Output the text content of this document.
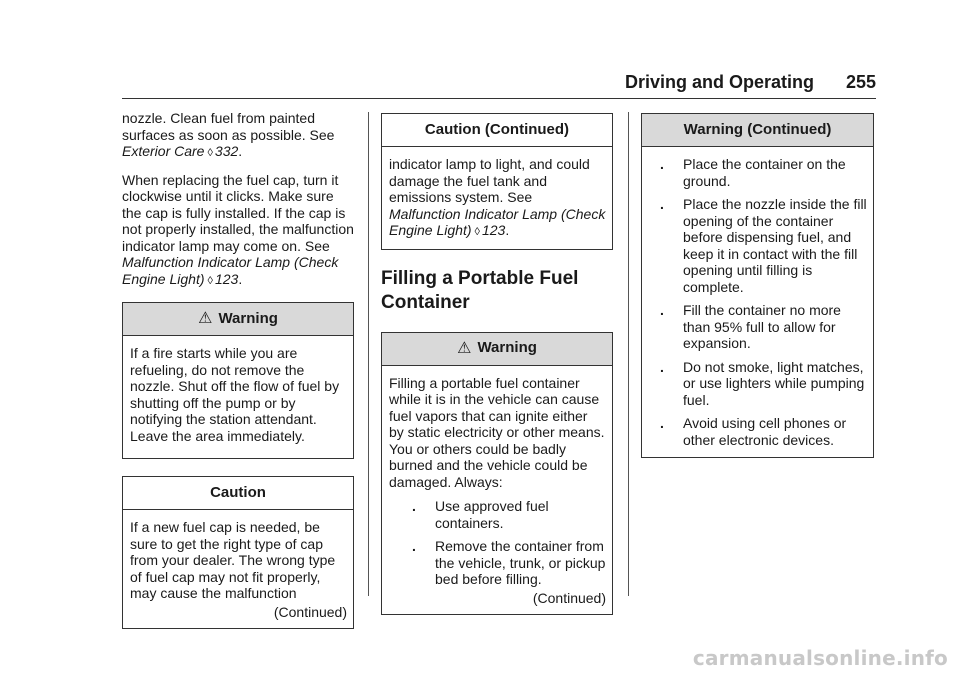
Driving and Operating 255

nozzle. Clean fuel from painted surfaces as soon as possible. See Exterior Care ◊ 332.

When replacing the fuel cap, turn it clockwise until it clicks. Make sure the cap is fully installed. If the cap is not properly installed, the malfunction indicator lamp may come on. See Malfunction Indicator Lamp (Check Engine Light) ◊ 123.

⚠ Warning

If a fire starts while you are refueling, do not remove the nozzle. Shut off the flow of fuel by shutting off the pump or by notifying the station attendant. Leave the area immediately.

Caution

If a new fuel cap is needed, be sure to get the right type of cap from your dealer. The wrong type of fuel cap may not fit properly, may cause the malfunction

(Continued)
Caution (Continued)

indicator lamp to light, and could damage the fuel tank and emissions system. See

Malfunction Indicator Lamp (Check Engine Light) ◊ 123.

Filling a Portable Fuel Container
⚠ Warning

Filling a portable fuel container while it is in the vehicle can cause fuel vapors that can ignite either by static electricity or other means. You or others could be badly burned and the vehicle could be damaged. Always:

.	Use approved fuel containers.
.	Remove the container from the vehicle, trunk, or pickup bed before filling.
(Continued)
Warning (Continued)
.	Place the container on the ground.
.	Place the nozzle inside the fill opening of the container before dispensing fuel, and keep it in contact with the fill opening until filling is complete.
.	Fill the container no more than 95% full to allow for expansion.
.	Do not smoke, light matches, or use lighters while pumping fuel.
.	Avoid using cell phones or other electronic devices.
carmanualsonline.info
